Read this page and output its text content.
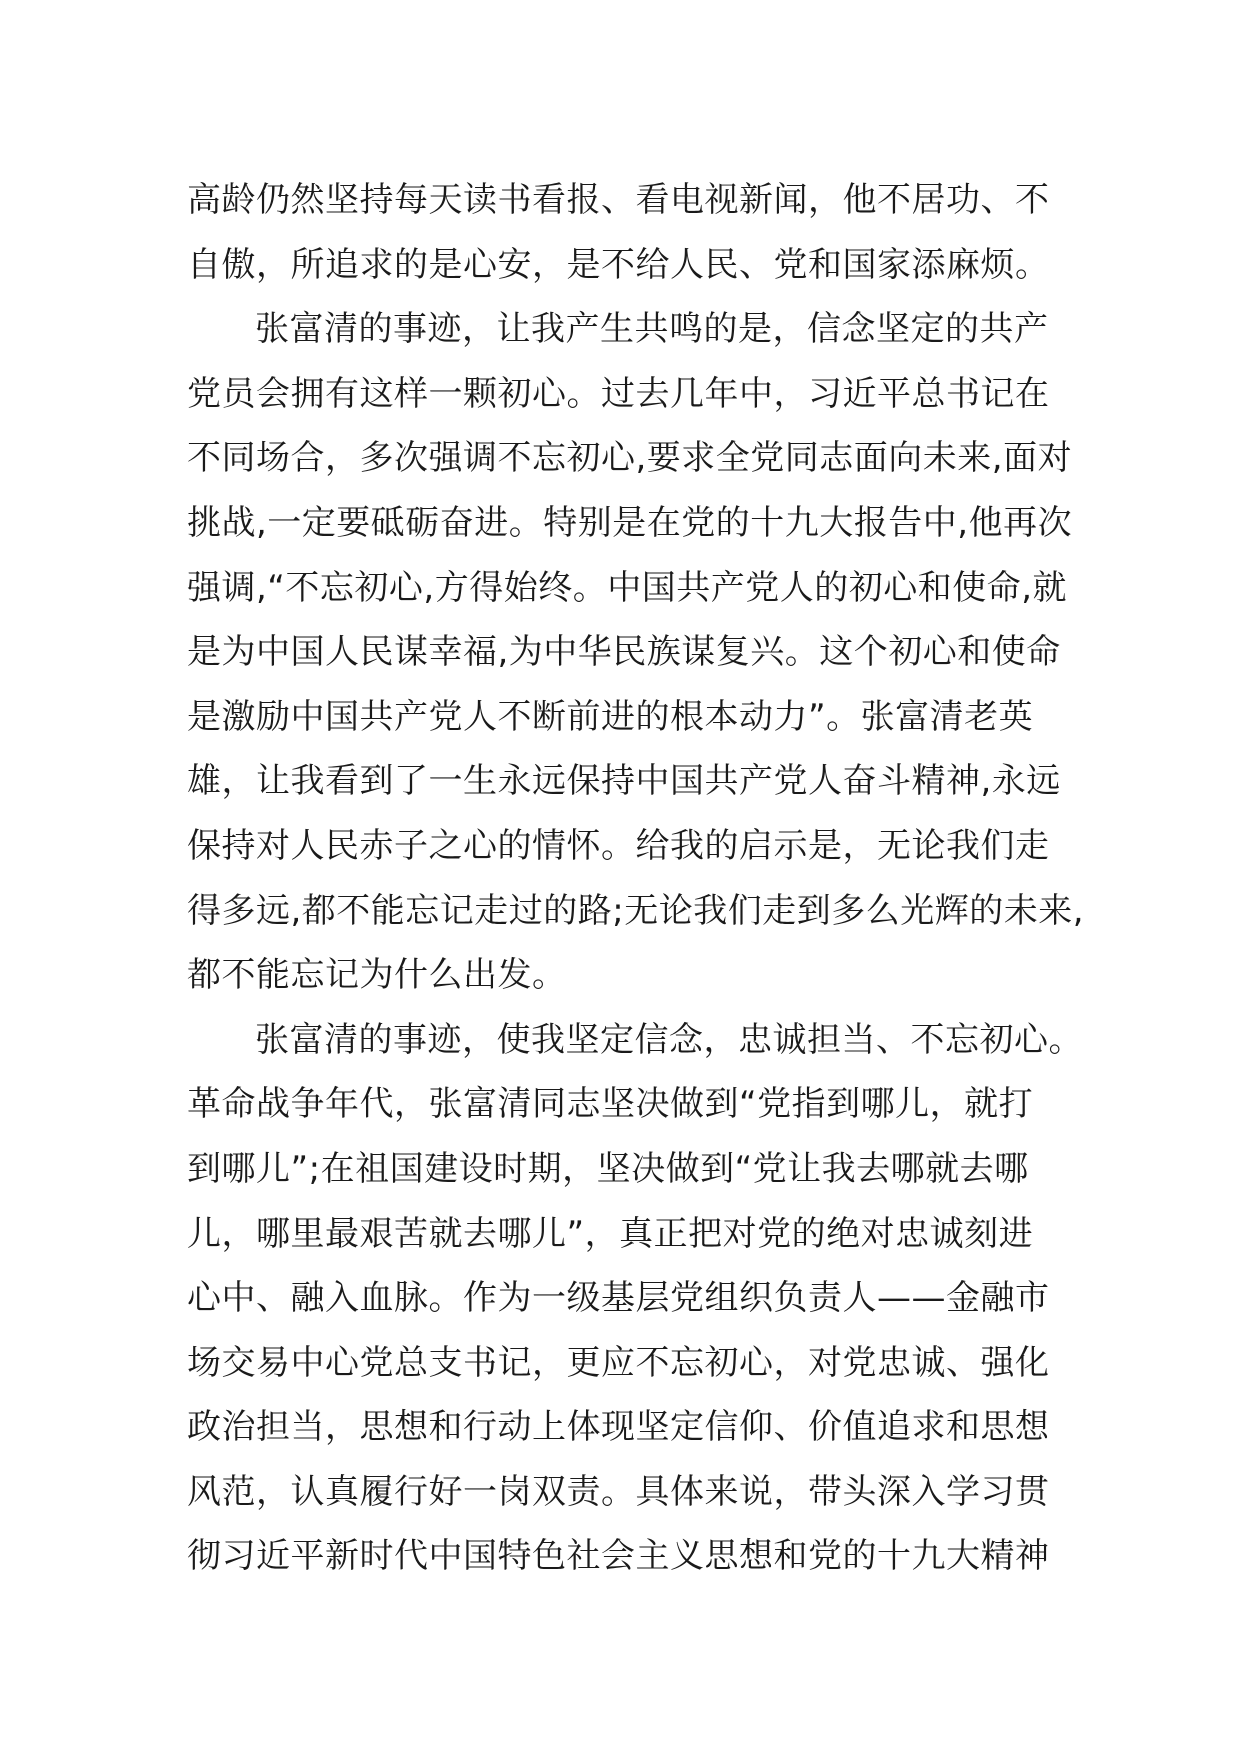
高龄仍然坚持每天读书看报、看电视新闻，他不居功、不
自傲，所追求的是心安，是不给人民、党和国家添麻烦。
张富清的事迹，让我产生共鸣的是，信念坚定的共产
党员会拥有这样一颗初心。过去几年中，习近平总书记在
不同场合，多次强调不忘初心,要求全党同志面向未来,面对
挑战,一定要砥砺奋进。特别是在党的十九大报告中,他再次
强调,“不忘初心,方得始终。中国共产党人的初心和使命,就
是为中国人民谋幸福,为中华民族谋复兴。这个初心和使命
是激励中国共产党人不断前进的根本动力”。张富清老英
雄，让我看到了一生永远保持中国共产党人奋斗精神,永远
保持对人民赤子之心的情怀。给我的启示是，无论我们走
得多远,都不能忘记走过的路;无论我们走到多么光辉的未来,
都不能忘记为什么出发。
张富清的事迹，使我坚定信念，忠诚担当、不忘初心。
革命战争年代，张富清同志坚决做到“党指到哪儿，就打
到哪儿”;在祖国建设时期，坚决做到“党让我去哪就去哪
儿，哪里最艰苦就去哪儿”，真正把对党的绝对忠诚刻进
心中、融入血脉。作为一级基层党组织负责人——金融市
场交易中心党总支书记，更应不忘初心，对党忠诚、强化
政治担当，思想和行动上体现坚定信仰、价值追求和思想
风范，认真履行好一岗双责。具体来说，带头深入学习贯
彻习近平新时代中国特色社会主义思想和党的十九大精神
